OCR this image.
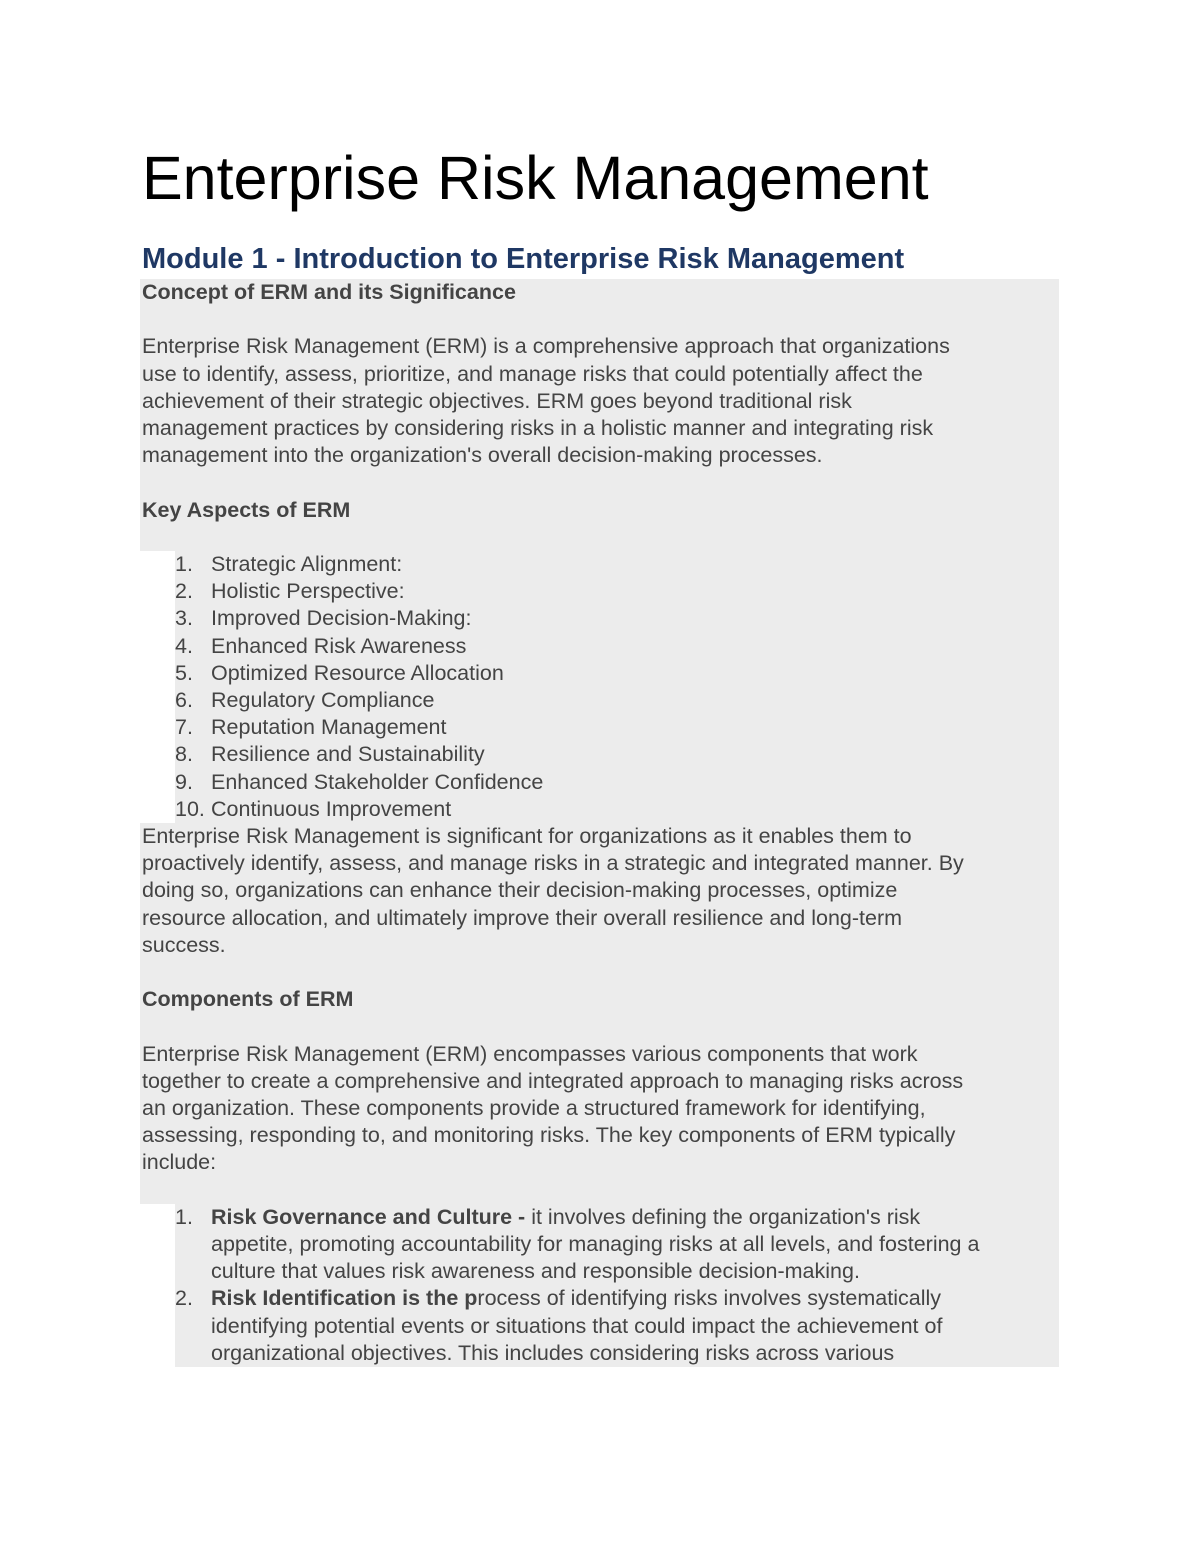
Enterprise Risk Management
Module 1 - Introduction to Enterprise Risk Management

Concept of ERM and its Significance

Enterprise Risk Management (ERM) is a comprehensive approach that organizations
use to identify, assess, prioritize, and manage risks that could potentially affect the
achievement of their strategic objectives. ERM goes beyond traditional risk
management practices by considering risks in a holistic manner and integrating risk
management into the organization's overall decision-making processes.

Key Aspects of ERM

1. Strategic Alignment:
2. Holistic Perspective:
3. Improved Decision-Making:
4. Enhanced Risk Awareness
5. Optimized Resource Allocation
6. Regulatory Compliance
7. Reputation Management
8. Resilience and Sustainability
9. Enhanced Stakeholder Confidence
10. Continuous Improvement

Enterprise Risk Management is significant for organizations as it enables them to
proactively identify, assess, and manage risks in a strategic and integrated manner. By
doing so, organizations can enhance their decision-making processes, optimize
resource allocation, and ultimately improve their overall resilience and long-term
success.

Components of ERM

Enterprise Risk Management (ERM) encompasses various components that work
together to create a comprehensive and integrated approach to managing risks across
an organization. These components provide a structured framework for identifying,
assessing, responding to, and monitoring risks. The key components of ERM typically
include:

1. Risk Governance and Culture - it involves defining the organization's risk
appetite, promoting accountability for managing risks at all levels, and fostering a
culture that values risk awareness and responsible decision-making.
2. Risk Identification is the process of identifying risks involves systematically
identifying potential events or situations that could impact the achievement of
organizational objectives. This includes considering risks across various
